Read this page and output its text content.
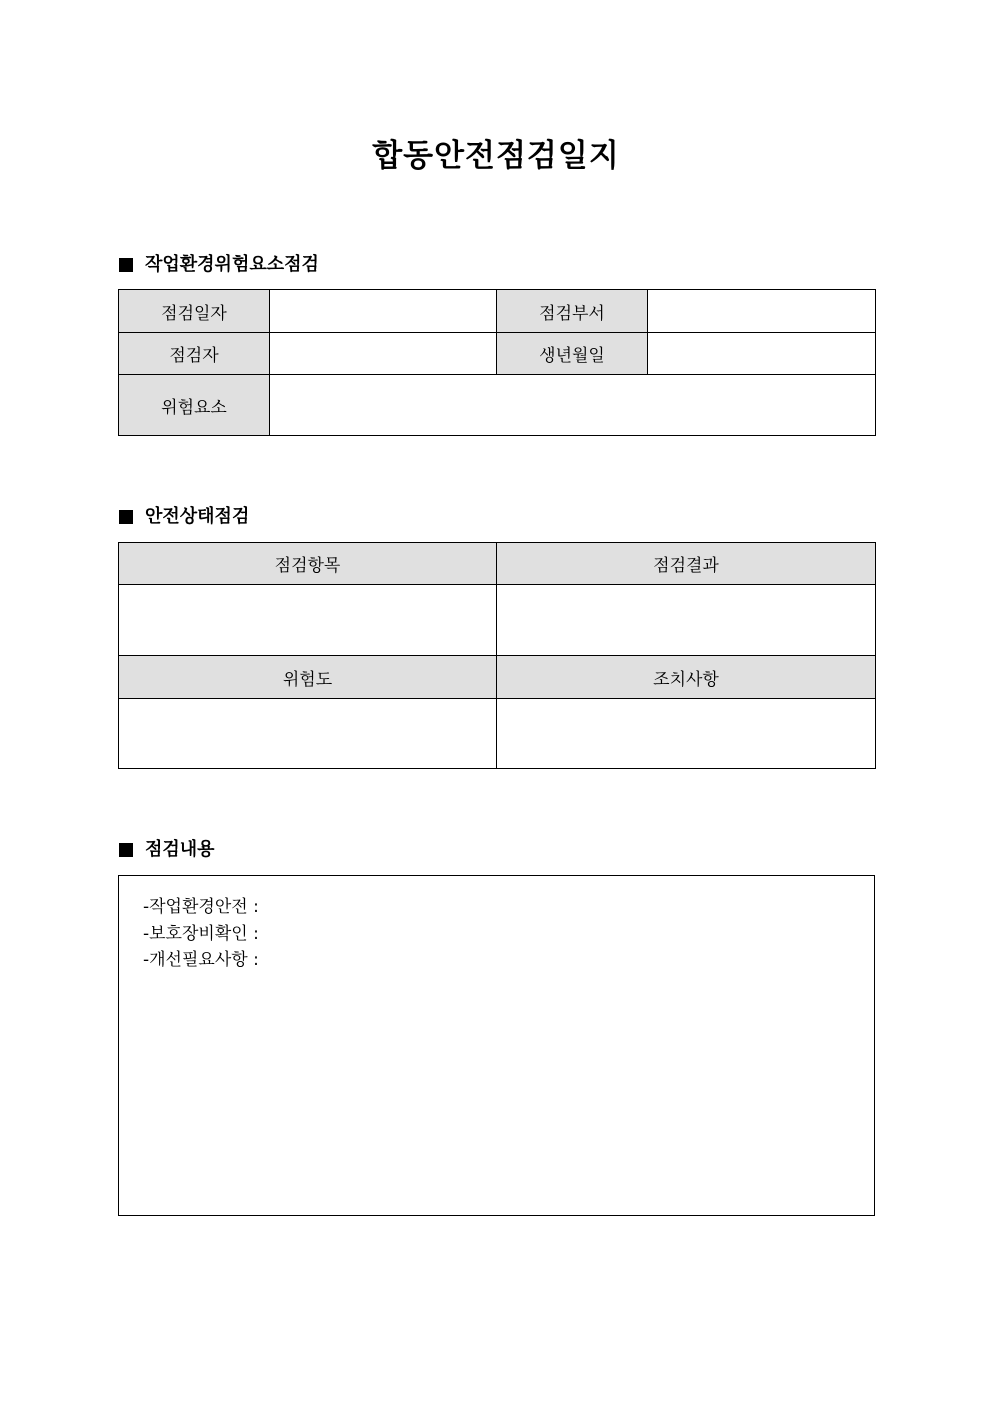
합동안전점검일지
작업환경위험요소점검
점검일자		점검부서	
점검자		생년월일	
위험요소			
안전상태점검
점검항목	점검결과

위험도	조치사항

점검내용
-작업환경안전 :
-보호장비확인 :
-개선필요사항 :
